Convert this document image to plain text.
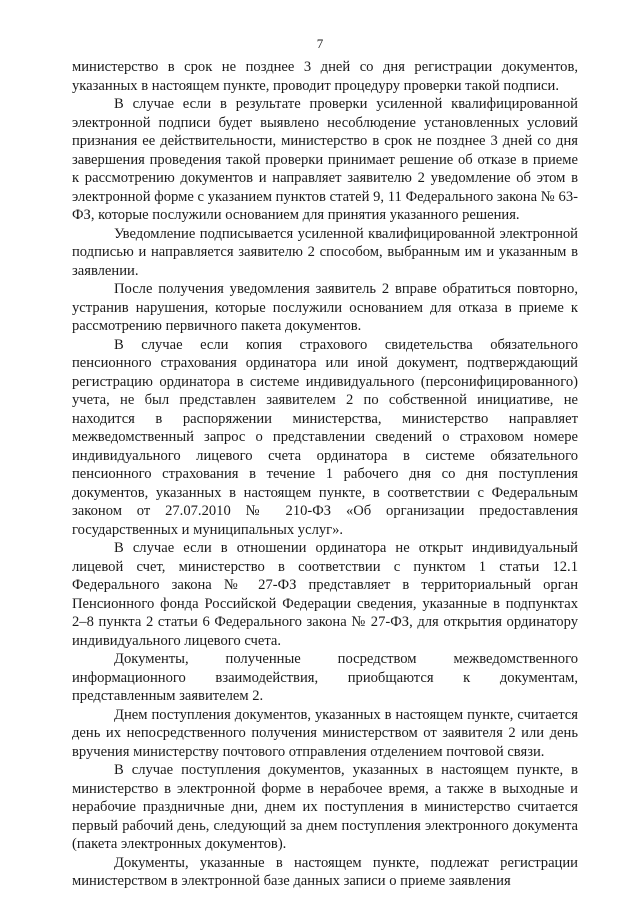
7

министерство в срок не позднее 3 дней со дня регистрации документов, указанных в настоящем пункте, проводит процедуру проверки такой подписи.

В случае если в результате проверки усиленной квалифицированной электронной подписи будет выявлено несоблюдение установленных условий признания ее действительности, министерство в срок не позднее 3 дней со дня завершения проведения такой проверки принимает решение об отказе в приеме к рассмотрению документов и направляет заявителю 2 уведомление об этом в электронной форме с указанием пунктов статей 9, 11 Федерального закона № 63-ФЗ, которые послужили основанием для принятия указанного решения.

Уведомление подписывается усиленной квалифицированной электронной подписью и направляется заявителю 2 способом, выбранным им и указанным в заявлении.

После получения уведомления заявитель 2 вправе обратиться повторно, устранив нарушения, которые послужили основанием для отказа в приеме к рассмотрению первичного пакета документов.

В случае если копия страхового свидетельства обязательного пенсионного страхования ординатора или иной документ, подтверждающий регистрацию ординатора в системе индивидуального (персонифицированного) учета, не был представлен заявителем 2 по собственной инициативе, не находится в распоряжении министерства, министерство направляет межведомственный запрос о представлении сведений о страховом номере индивидуального лицевого счета ординатора в системе обязательного пенсионного страхования в течение 1 рабочего дня со дня поступления документов, указанных в настоящем пункте, в соответствии с Федеральным законом от 27.07.2010 № 210-ФЗ «Об организации предоставления государственных и муниципальных услуг».

В случае если в отношении ординатора не открыт индивидуальный лицевой счет, министерство в соответствии с пунктом 1 статьи 12.1 Федерального закона № 27-ФЗ представляет в территориальный орган Пенсионного фонда Российской Федерации сведения, указанные в подпунктах 2–8 пункта 2 статьи 6 Федерального закона № 27-ФЗ, для открытия ординатору индивидуального лицевого счета.

Документы, полученные посредством межведомственного информационного взаимодействия, приобщаются к документам, представленным заявителем 2.

Днем поступления документов, указанных в настоящем пункте, считается день их непосредственного получения министерством от заявителя 2 или день вручения министерству почтового отправления отделением почтовой связи.

В случае поступления документов, указанных в настоящем пункте, в министерство в электронной форме в нерабочее время, а также в выходные и нерабочие праздничные дни, днем их поступления в министерство считается первый рабочий день, следующий за днем поступления электронного документа (пакета электронных документов).

Документы, указанные в настоящем пункте, подлежат регистрации министерством в электронной базе данных записи о приеме заявления
